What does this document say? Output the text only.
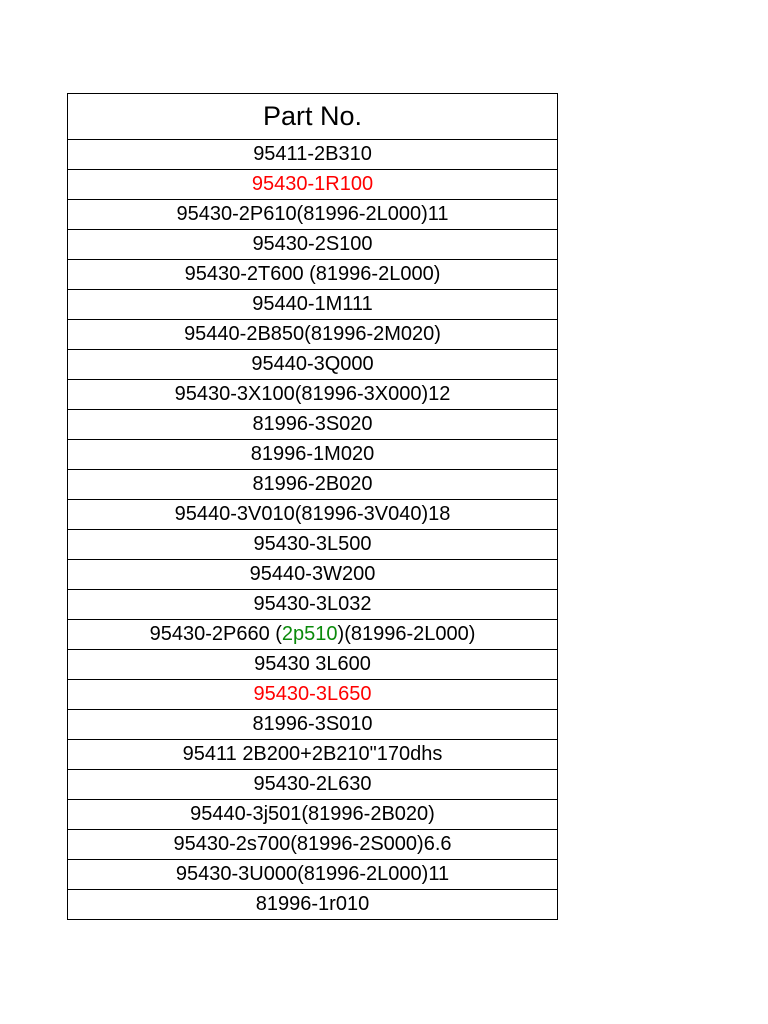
Part No.
95411-2B310
95430-1R100
95430-2P610(81996-2L000)11
95430-2S100
95430-2T600 (81996-2L000)
95440-1M111
95440-2B850(81996-2M020)
95440-3Q000
95430-3X100(81996-3X000)12
81996-3S020
81996-1M020
81996-2B020
95440-3V010(81996-3V040)18
95430-3L500
95440-3W200
95430-3L032
95430-2P660 (2p510)(81996-2L000)
95430 3L600
95430-3L650
81996-3S010
95411 2B200+2B210"170dhs
95430-2L630
95440-3j501(81996-2B020)
95430-2s700(81996-2S000)6.6
95430-3U000(81996-2L000)11
81996-1r010
